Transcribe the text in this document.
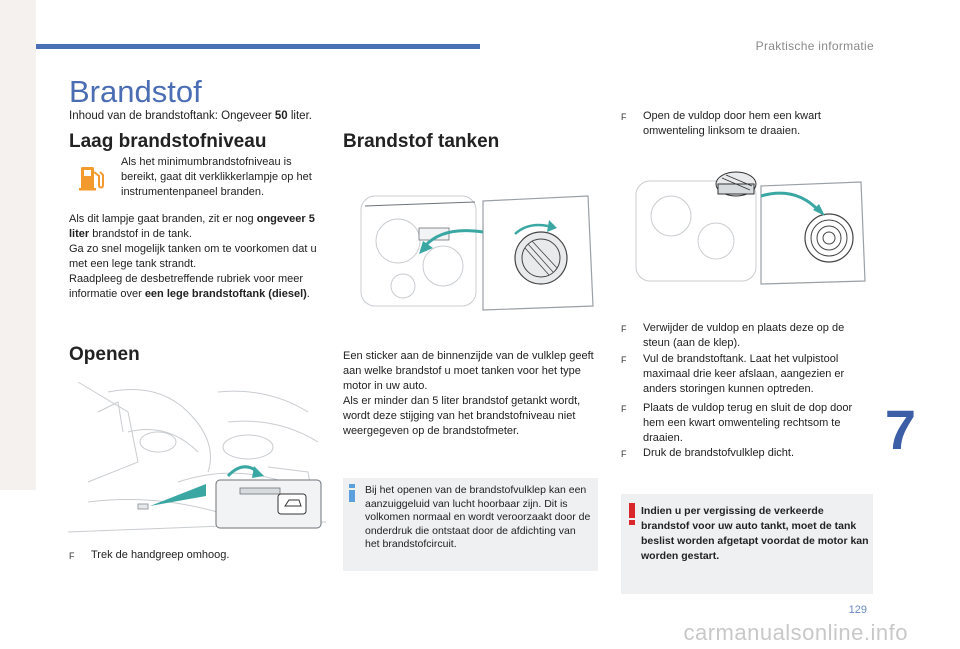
Praktische informatie
7
129
carmanualsonline.info
Brandstof
Inhoud van de brandstoftank: Ongeveer 50 liter.
Laag brandstofniveau
Als het minimumbrandstofniveau is bereikt, gaat dit verklikkerlampje op het instrumentenpaneel branden.
Als dit lampje gaat branden, zit er nog ongeveer 5 liter brandstof in de tank.
Ga zo snel mogelijk tanken om te voorkomen dat u met een lege tank strandt.
Raadpleeg de desbetreffende rubriek voor meer informatie over een lege brandstoftank (diesel).
Openen
F	Trek de handgreep omhoog.
Brandstof tanken
Een sticker aan de binnenzijde van de vulklep geeft aan welke brandstof u moet tanken voor het type motor in uw auto.
Als er minder dan 5 liter brandstof getankt wordt, wordt deze stijging van het brandstofniveau niet weergegeven op de brandstofmeter.
Bij het openen van de brandstofvulklep kan een aanzuiggeluid van lucht hoorbaar zijn. Dit is volkomen normaal en wordt veroorzaakt door de onderdruk die ontstaat door de afdichting van het brandstofcircuit.
F	Open de vuldop door hem een kwart omwenteling linksom te draaien.
F	Verwijder de vuldop en plaats deze op de steun (aan de klep).
F	Vul de brandstoftank. Laat het vulpistool maximaal drie keer afslaan, aangezien er anders storingen kunnen optreden.
F	Plaats de vuldop terug en sluit de dop door hem een kwart omwenteling rechtsom te draaien.
F	Druk de brandstofvulklep dicht.
Indien u per vergissing de verkeerde brandstof voor uw auto tankt, moet de tank beslist worden afgetapt voordat de motor kan worden gestart.
